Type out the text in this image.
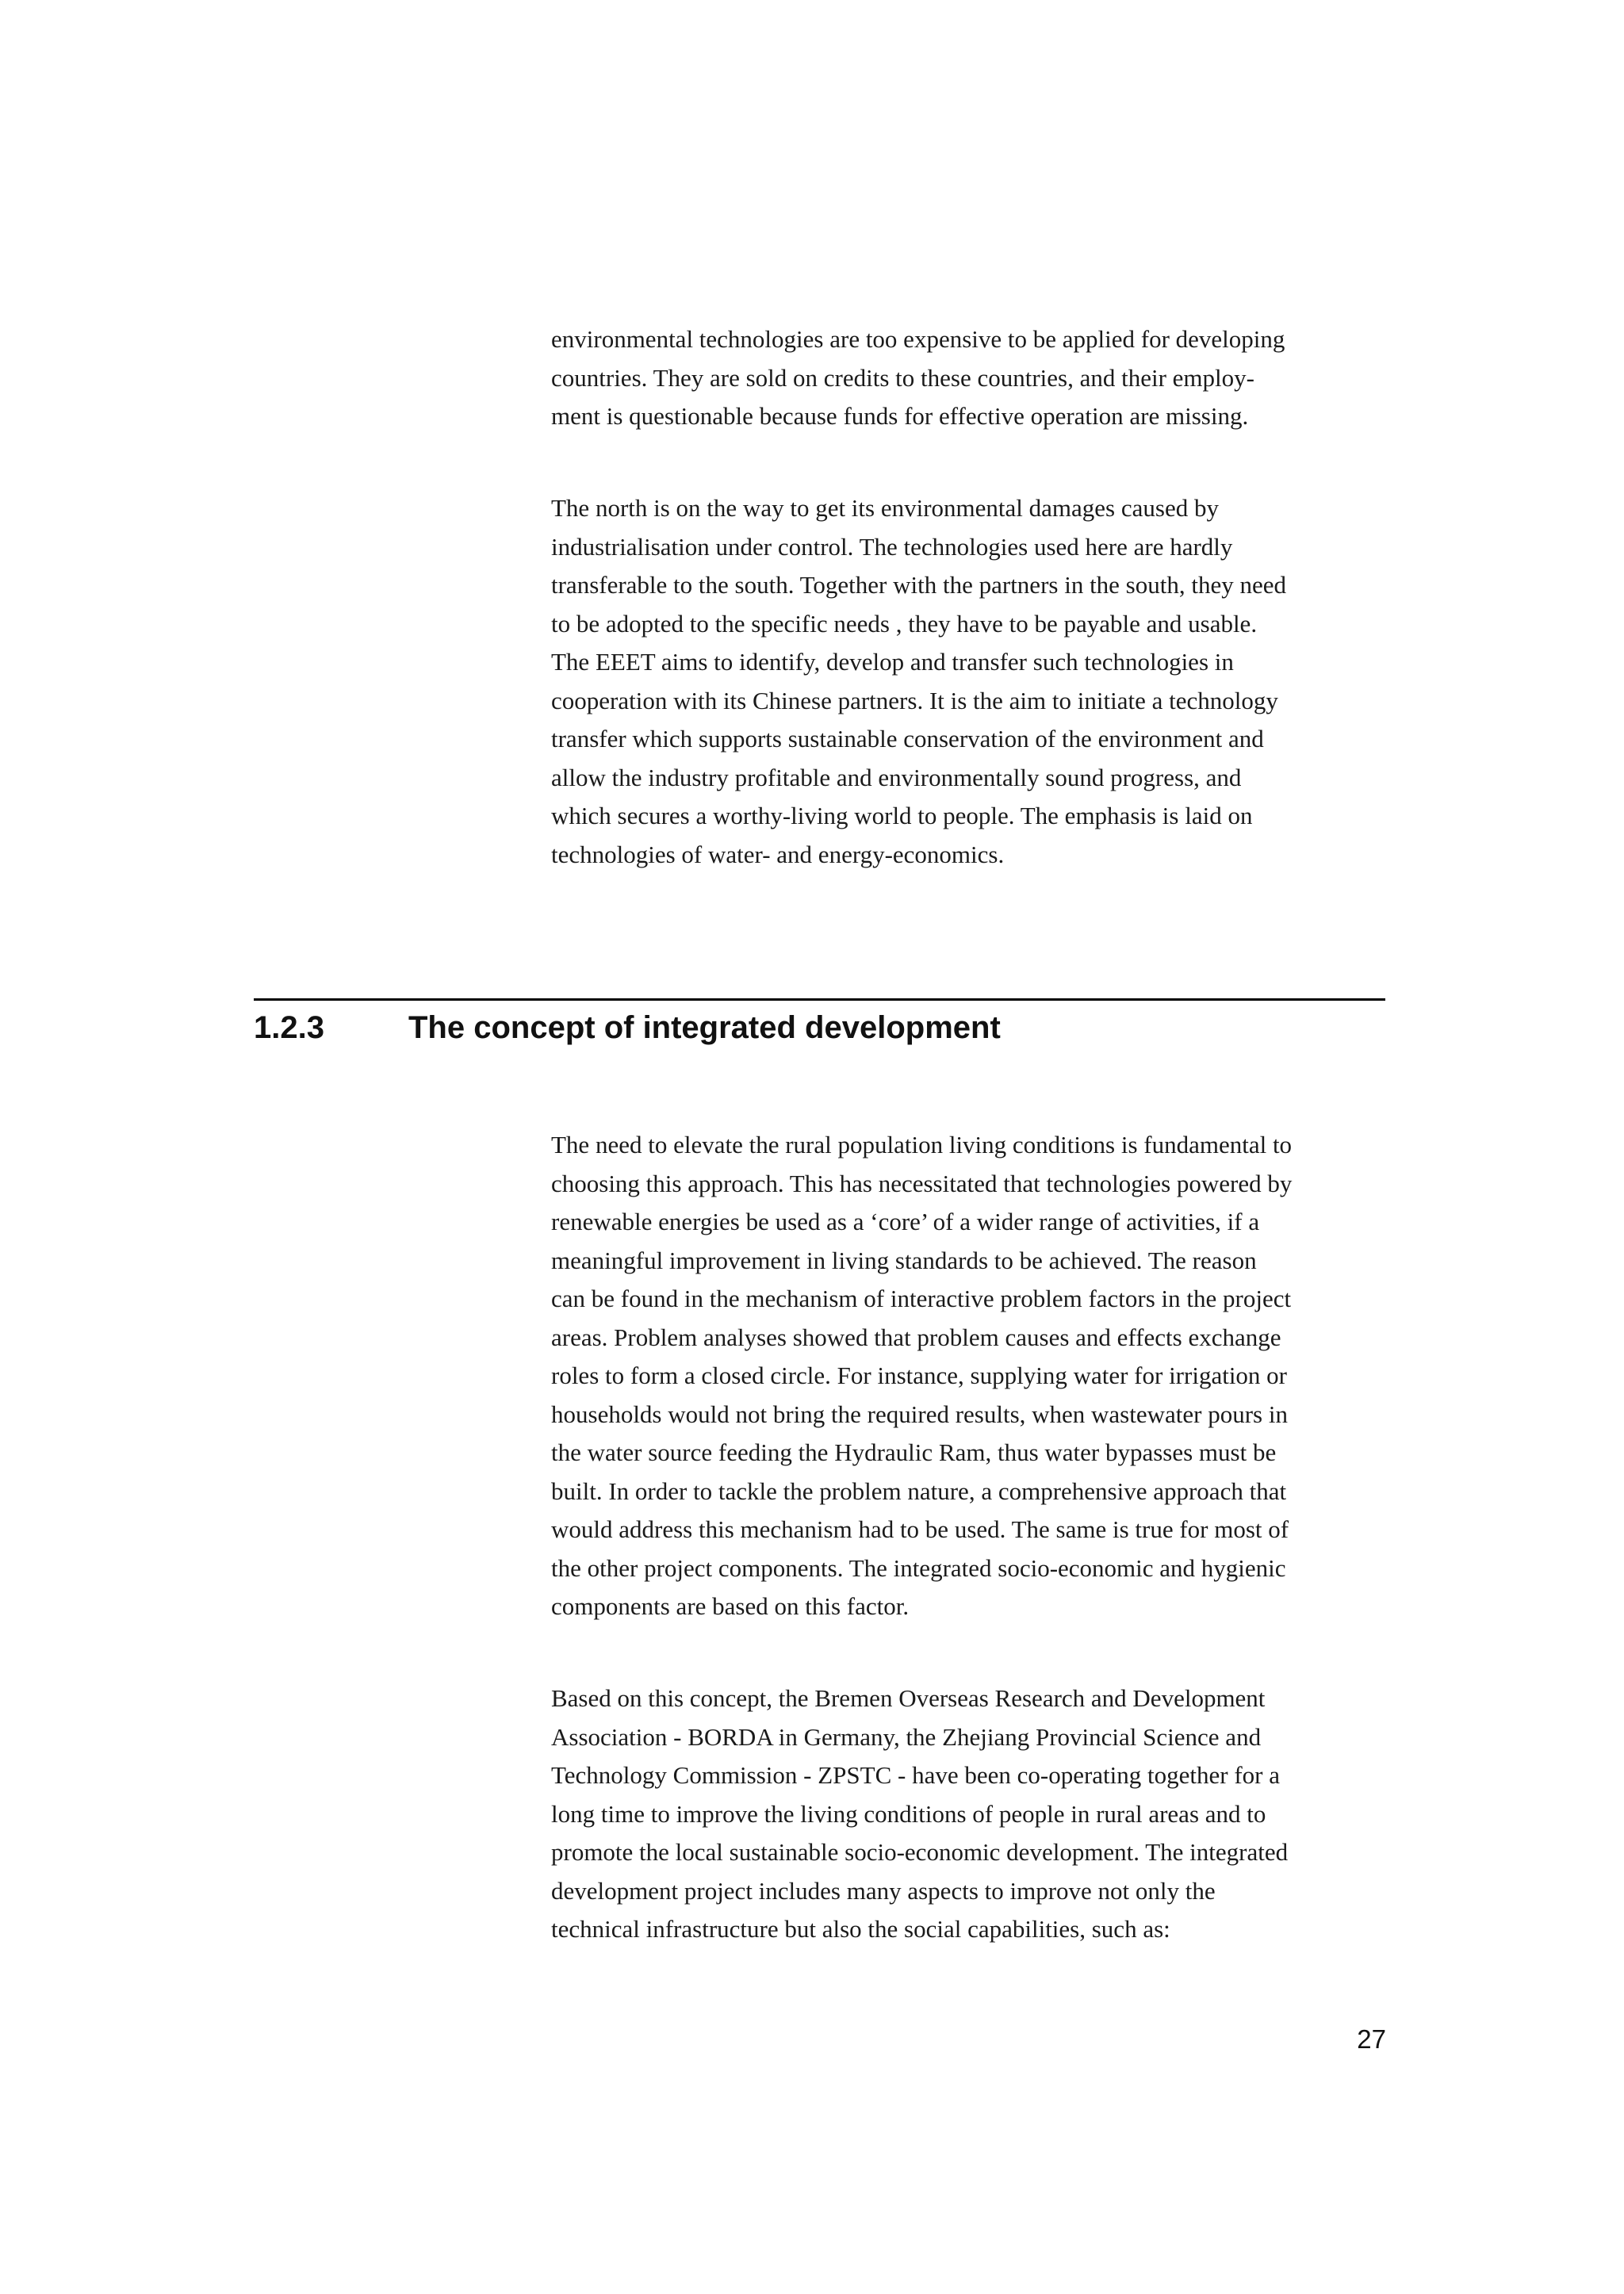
environmental technologies are too expensive to be applied for developing
countries. They are sold on credits to these countries, and their employ-
ment is questionable because funds for effective operation are missing.
The north is on the way to get its environmental damages caused by
industrialisation under control. The technologies used here are hardly
transferable to the south. Together with the partners in the south, they need
to be adopted to the specific needs , they have to be payable and usable.
The EEET aims to identify, develop and transfer such technologies in
cooperation with its Chinese partners. It is the aim to initiate a technology
transfer which supports sustainable conservation of the environment and
allow the industry profitable and environmentally sound progress, and
which secures a worthy-living world to people. The emphasis is laid on
technologies of water- and energy-economics.
1.2.3	The concept of integrated development
The need to elevate the rural population living conditions is fundamental to
choosing this approach. This has necessitated that technologies powered by
renewable energies be used as a ‘core’ of a wider range of activities, if a
meaningful improvement in living standards to be achieved. The reason
can be found in the mechanism of interactive problem factors in the project
areas. Problem analyses showed that problem causes and effects exchange
roles to form a closed circle. For instance, supplying water for irrigation or
households would not bring the required results, when wastewater pours in
the water source feeding the Hydraulic Ram, thus water bypasses must be
built. In order to tackle the problem nature, a comprehensive approach that
would address this mechanism had to be used. The same is true for most of
the other project components. The integrated socio-economic and hygienic
components are based on this factor.
Based on this concept, the Bremen Overseas Research and Development
Association - BORDA in Germany, the Zhejiang Provincial Science and
Technology Commission - ZPSTC - have been co-operating together for a
long time to improve the living conditions of people in rural areas and to
promote the local sustainable socio-economic development. The integrated
development project includes many aspects to improve not only the
technical infrastructure but also the social capabilities, such as:
27
